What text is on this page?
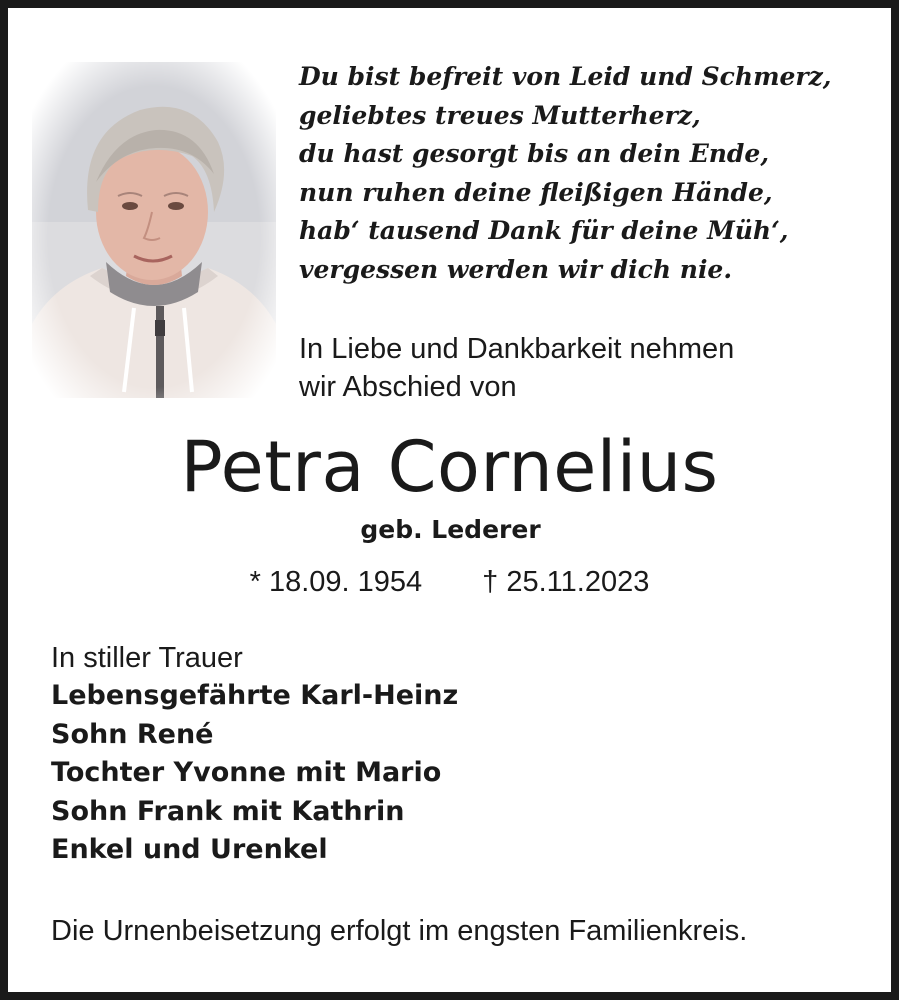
Du bist befreit von Leid und Schmerz,
geliebtes treues Mutterherz,
du hast gesorgt bis an dein Ende,
nun ruhen deine fleißigen Hände,
hab‘ tausend Dank für deine Müh‘,
vergessen werden wir dich nie.
In Liebe und Dankbarkeit nehmen
wir Abschied von
Petra Cornelius
geb. Lederer
* 18.09. 1954 † 25.11.2023
In stiller Trauer
Lebensgefährte Karl-Heinz
Sohn René
Tochter Yvonne mit Mario
Sohn Frank mit Kathrin
Enkel und Urenkel
Die Urnenbeisetzung erfolgt im engsten Familienkreis.
